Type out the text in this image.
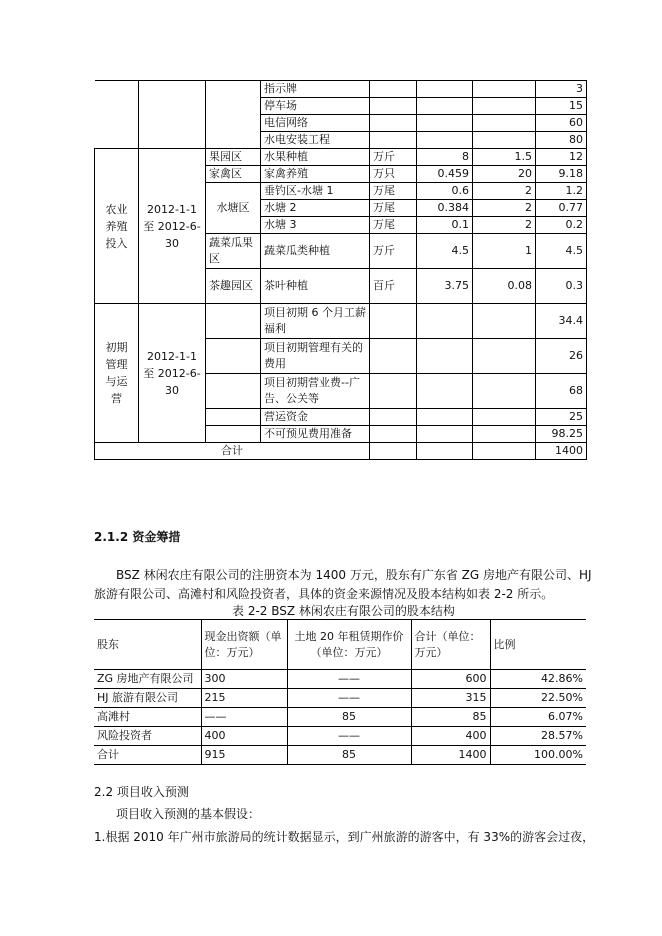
			指示牌				3
			停车场				15
			电信网络				60
			水电安装工程				80
农业养殖投入	2012-1-1 至 2012-6-30	果园区	水果种植	万斤	8	1.5	12
		家禽区	家禽养殖	万只	0.459	20	9.18
		水塘区	垂钓区-水塘 1	万尾	0.6	2	1.2
			水塘 2	万尾	0.384	2	0.77
			水塘 3	万尾	0.1	2	0.2
		蔬菜瓜果区	蔬菜瓜类种植	万斤	4.5	1	4.5
		茶趣园区	茶叶种植	百斤	3.75	0.08	0.3
初期管理与运营	2012-1-1 至 2012-6-30		项目初期 6 个月工薪福利				34.4
			项目初期管理有关的费用				26
			项目初期营业费--广告、公关等				68
			营运资金				25
			不可预见费用准备				98.25
合计							1400
2.1.2 资金筹措
BSZ 林闲农庄有限公司的注册资本为 1400 万元，股东有广东省 ZG 房地产有限公司、HJ
旅游有限公司、高滩村和风险投资者，具体的资金来源情况及股本结构如表 2-2 所示。
表 2-2 BSZ 林闲农庄有限公司的股本结构
股东	现金出资额（单位：万元）	土地 20 年租赁期作价（单位：万元）	合计（单位：万元）	比例
ZG 房地产有限公司	300	——	600	42.86%
HJ 旅游有限公司	215	——	315	22.50%
高滩村	——	85	85	6.07%
风险投资者	400	——	400	28.57%
合计	915	85	1400	100.00%
2.2 项目收入预测
项目收入预测的基本假设：
1.根据 2010 年广州市旅游局的统计数据显示，到广州旅游的游客中，有 33%的游客会过夜，
